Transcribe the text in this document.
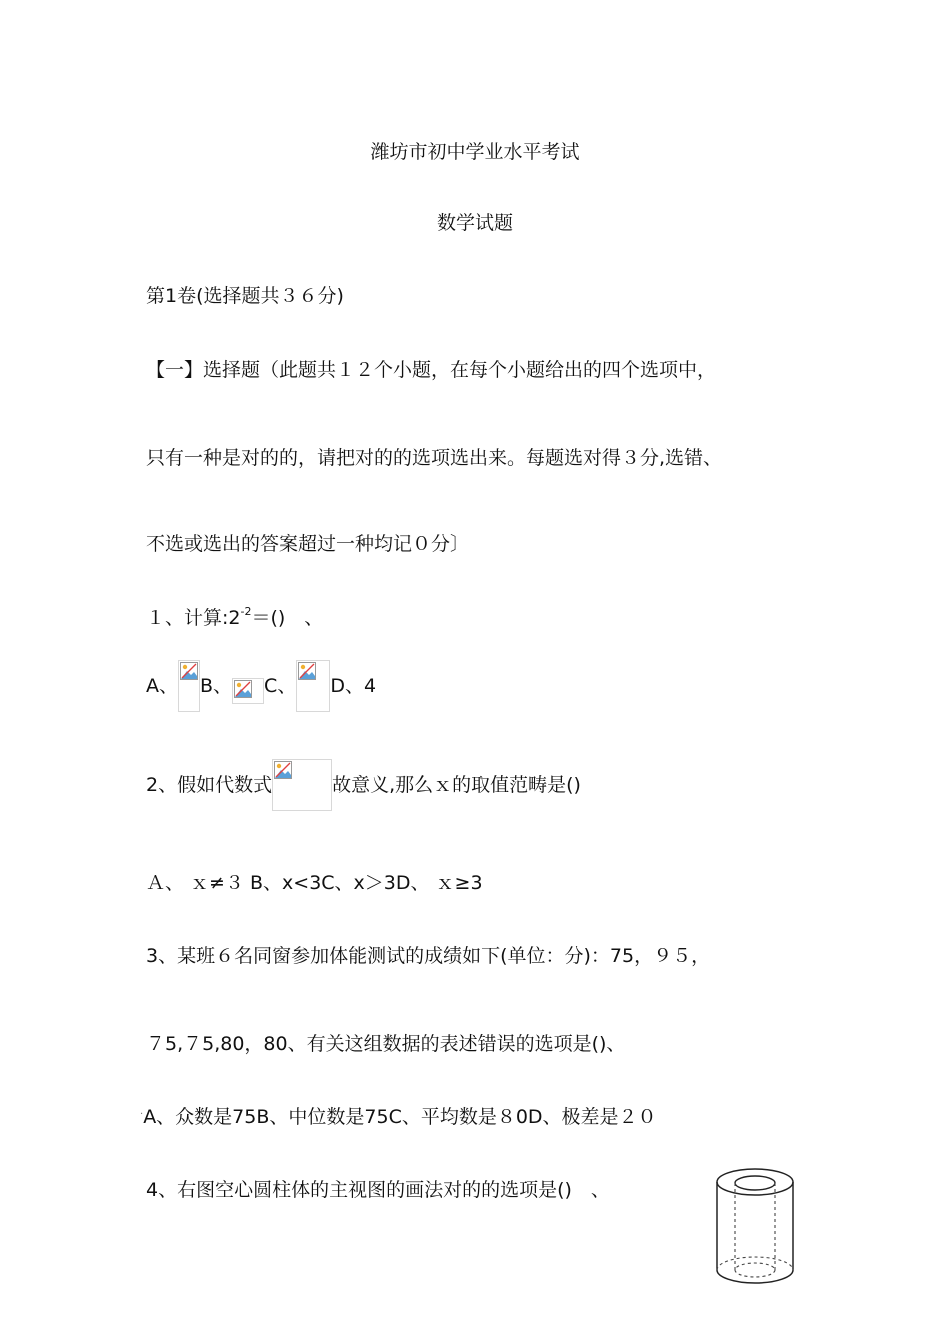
潍坊市初中学业水平考试
数学试题
第1卷(选择题共３６分)
【一】选择题（此题共１２个小题，在每个小题给出的四个选项中，
只有一种是对的的，请把对的的选项选出来。每题选对得３分,选错、
不选或选出的答案超过一种均记０分〕
１、计算$:2^{-2}=()$　、
A、 B、 C、 D、4
2、假如代数式	故意义,那么ｘ的取值范畴是()
Ａ、 ｘ≠３ B、x<3C、x＞3D、 ｘ≥3
3、某班６名同窗参加体能测试的成绩如下(单位：分)：75，９５，
７5,７5,80，80、有关这组数据的表述错误的选项是()、
·A、众数是75B、中位数是75C、平均数是８0D、极差是２０
4、右图空心圆柱体的主视图的画法对的的选项是()　、
